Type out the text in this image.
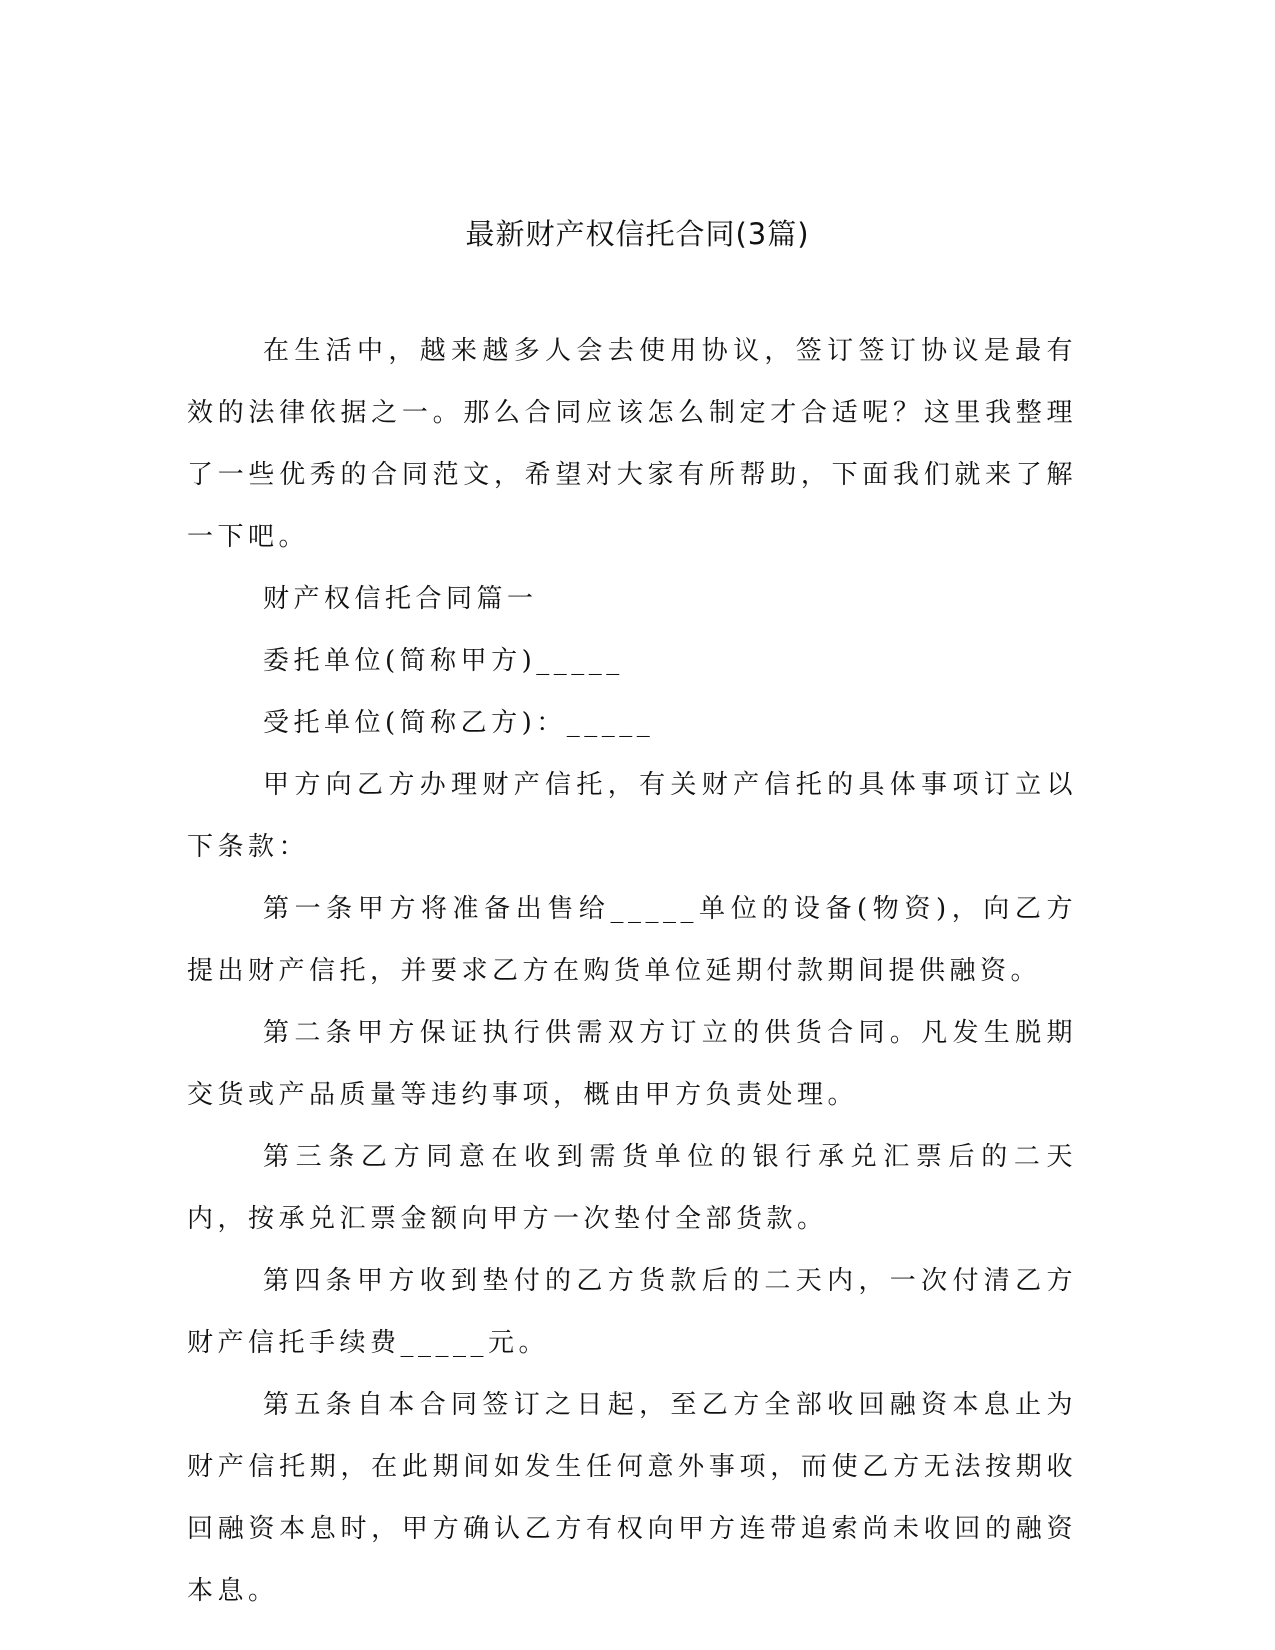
最新财产权信托合同(3篇)

在生活中，越来越多人会去使用协议，签订签订协议是最有效的法律依据之一。那么合同应该怎么制定才合适呢？这里我整理了一些优秀的合同范文，希望对大家有所帮助，下面我们就来了解一下吧。

财产权信托合同篇一

委托单位(简称甲方)_____

受托单位(简称乙方)：_____

甲方向乙方办理财产信托，有关财产信托的具体事项订立以下条款：

第一条甲方将准备出售给_____单位的设备(物资)，向乙方提出财产信托，并要求乙方在购货单位延期付款期间提供融资。

第二条甲方保证执行供需双方订立的供货合同。凡发生脱期交货或产品质量等违约事项，概由甲方负责处理。

第三条乙方同意在收到需货单位的银行承兑汇票后的二天内，按承兑汇票金额向甲方一次垫付全部货款。

第四条甲方收到垫付的乙方货款后的二天内，一次付清乙方财产信托手续费_____元。

第五条自本合同签订之日起，至乙方全部收回融资本息止为财产信托期，在此期间如发生任何意外事项，而使乙方无法按期收回融资本息时，甲方确认乙方有权向甲方连带追索尚未收回的融资本息。
